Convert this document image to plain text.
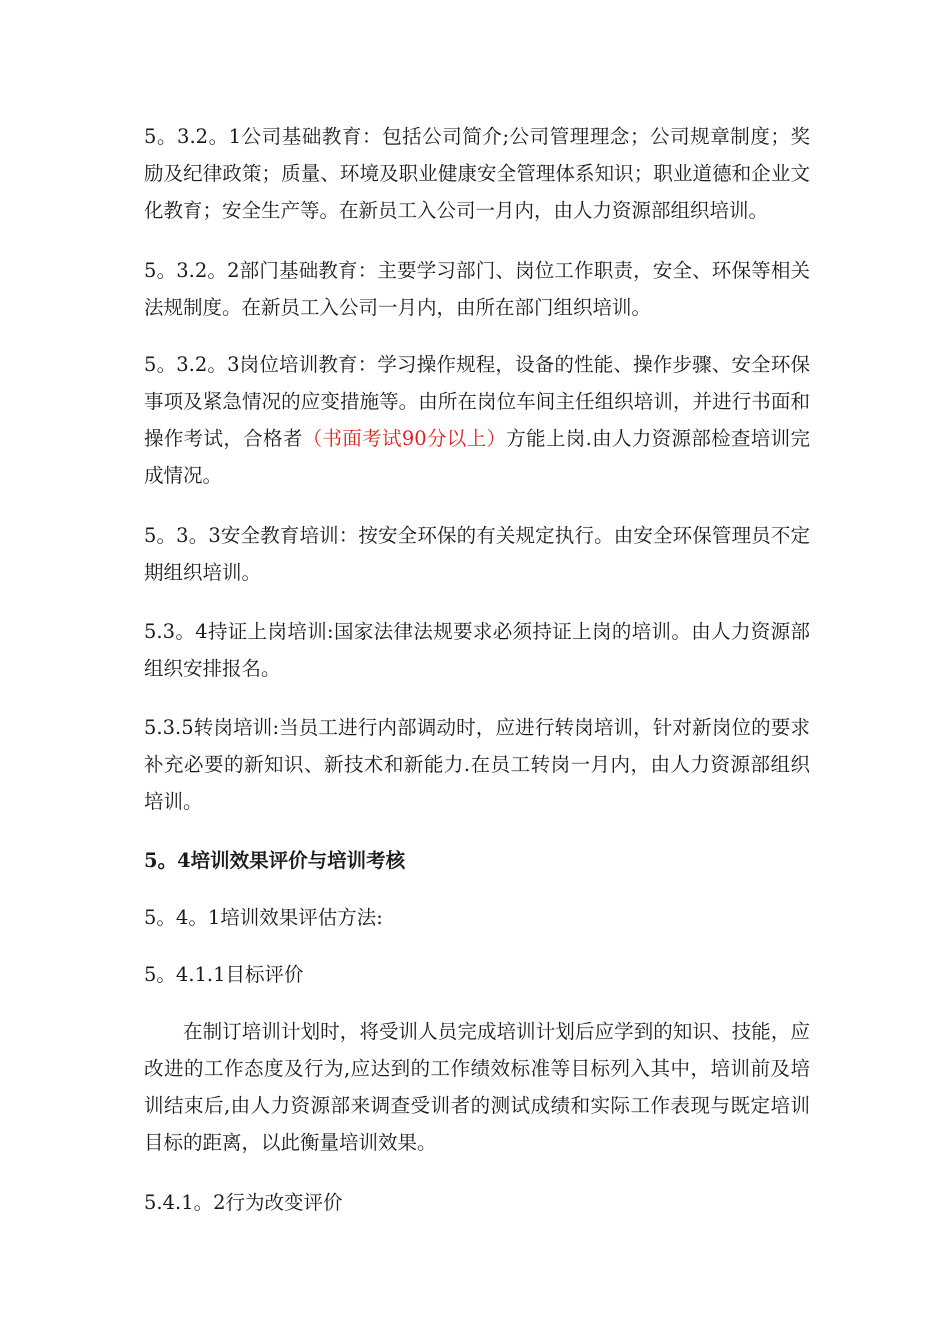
5。3.2。1公司基础教育：包括公司简介;公司管理理念；公司规章制度；奖励及纪律政策；质量、环境及职业健康安全管理体系知识；职业道德和企业文化教育；安全生产等。在新员工入公司一月内，由人力资源部组织培训。

5。3.2。2部门基础教育：主要学习部门、岗位工作职责，安全、环保等相关法规制度。在新员工入公司一月内，由所在部门组织培训。

5。3.2。3岗位培训教育：学习操作规程，设备的性能、操作步骤、安全环保事项及紧急情况的应变措施等。由所在岗位车间主任组织培训，并进行书面和操作考试，合格者（书面考试90分以上）方能上岗.由人力资源部检查培训完成情况。

5。3。3安全教育培训：按安全环保的有关规定执行。由安全环保管理员不定期组织培训。

5.3。4持证上岗培训:国家法律法规要求必须持证上岗的培训。由人力资源部组织安排报名。

5.3.5转岗培训:当员工进行内部调动时，应进行转岗培训，针对新岗位的要求补充必要的新知识、新技术和新能力.在员工转岗一月内，由人力资源部组织培训。

5。4培训效果评价与培训考核

5。4。1培训效果评估方法:

5。4.1.1目标评价

在制订培训计划时，将受训人员完成培训计划后应学到的知识、技能，应改进的工作态度及行为,应达到的工作绩效标准等目标列入其中，培训前及培训结束后,由人力资源部来调查受训者的测试成绩和实际工作表现与既定培训目标的距离，以此衡量培训效果。

5.4.1。2行为改变评价
